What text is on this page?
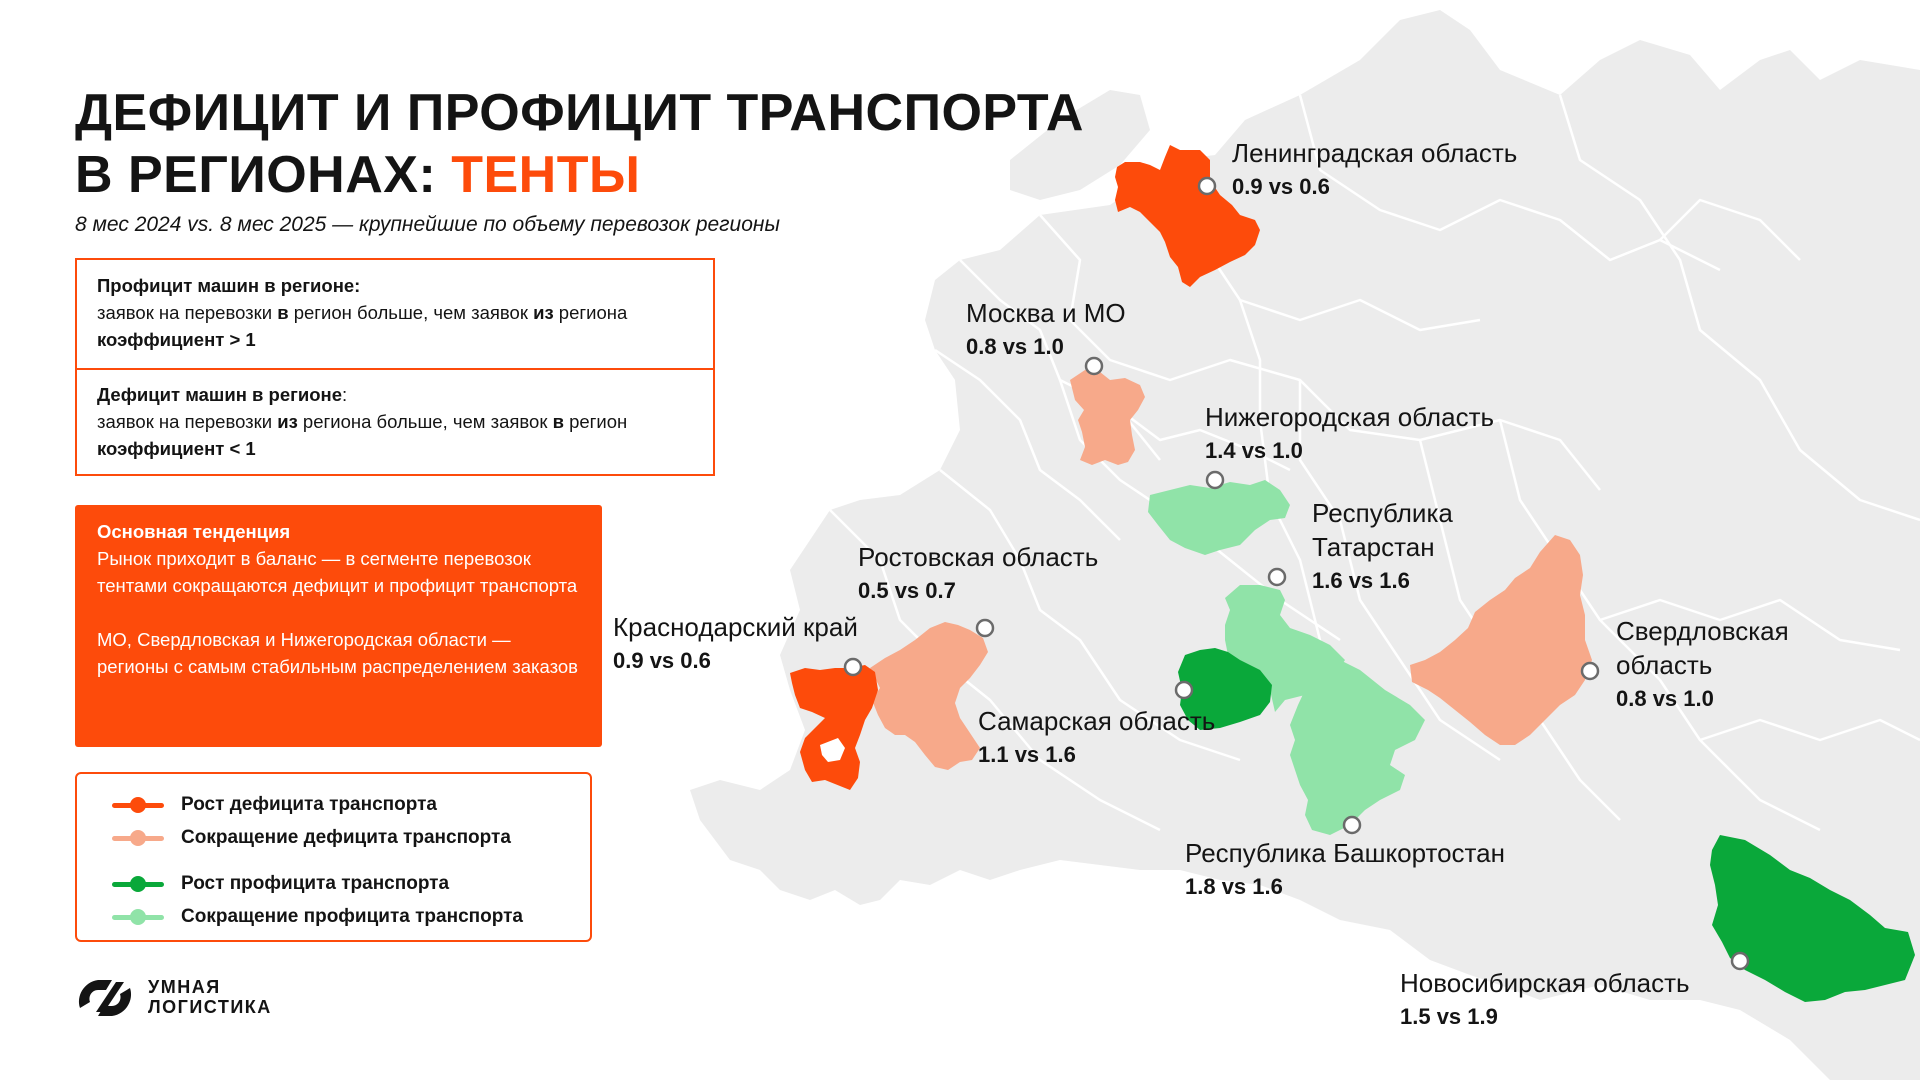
ДЕФИЦИТ И ПРОФИЦИТ ТРАНСПОРТА
В РЕГИОНАХ: ТЕНТЫ
8 мес 2024 vs. 8 мес 2025 — крупнейшие по объему перевозок регионы
Профицит машин в регионе:
заявок на перевозки в регион больше, чем заявок из региона
коэффициент > 1
Дефицит машин в регионе:
заявок на перевозки из региона больше, чем заявок в регион
коэффициент < 1
Основная тенденция
Рынок приходит в баланс — в сегменте перевозок тентами сокращаются дефицит и профицит транспорта
МО, Свердловская и Нижегородская области — регионы с самым стабильным распределением заказов
Рост дефицита транспорта
Сокращение дефицита транспорта
Рост профицита транспорта
Сокращение профицита транспорта
УМНАЯ
ЛОГИСТИКА
Ленинградская область
0.9 vs 0.6
Москва и МО
0.8 vs 1.0
Нижегородская область
1.4 vs 1.0
Республика
Татарстан
1.6 vs 1.6
Ростовская область
0.5 vs 0.7
Краснодарский край
0.9 vs 0.6
Самарская область
1.1 vs 1.6
Свердловская
область
0.8 vs 1.0
Республика Башкортостан
1.8 vs 1.6
Новосибирская область
1.5 vs 1.9
